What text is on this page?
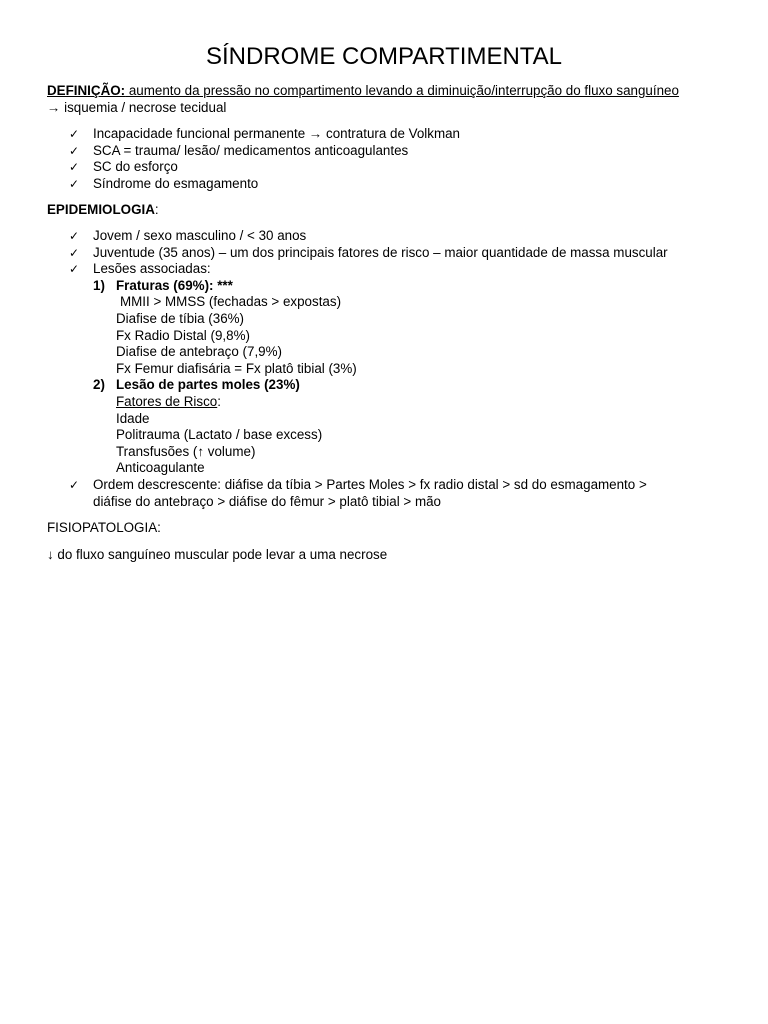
SÍNDROME COMPARTIMENTAL
DEFINIÇÃO: aumento da pressão no compartimento levando a diminuição/interrupção do fluxo sanguíneo
→ isquemia / necrose tecidual
✓ Incapacidade funcional permanente → contratura de Volkman
✓ SCA = trauma/ lesão/ medicamentos anticoagulantes
✓ SC do esforço
✓ Síndrome do esmagamento
EPIDEMIOLOGIA:
✓ Jovem / sexo masculino / < 30 anos
✓ Juventude (35 anos) – um dos principais fatores de risco – maior quantidade de massa muscular
✓ Lesões associadas:
1) Fraturas (69%): ***
MMII > MMSS (fechadas > expostas)
Diafise de tíbia (36%)
Fx Radio Distal (9,8%)
Diafise de antebraço (7,9%)
Fx Femur diafisária = Fx platô tibial (3%)
2) Lesão de partes moles (23%)
Fatores de Risco:
Idade
Politrauma (Lactato / base excess)
Transfusões (↑ volume)
Anticoagulante
✓ Ordem descrescente: diáfise da tíbia > Partes Moles > fx radio distal > sd do esmagamento >
diáfise do antebraço > diáfise do fêmur > platô tibial > mão
FISIOPATOLOGIA:
↓ do fluxo sanguíneo muscular pode levar a uma necrose
